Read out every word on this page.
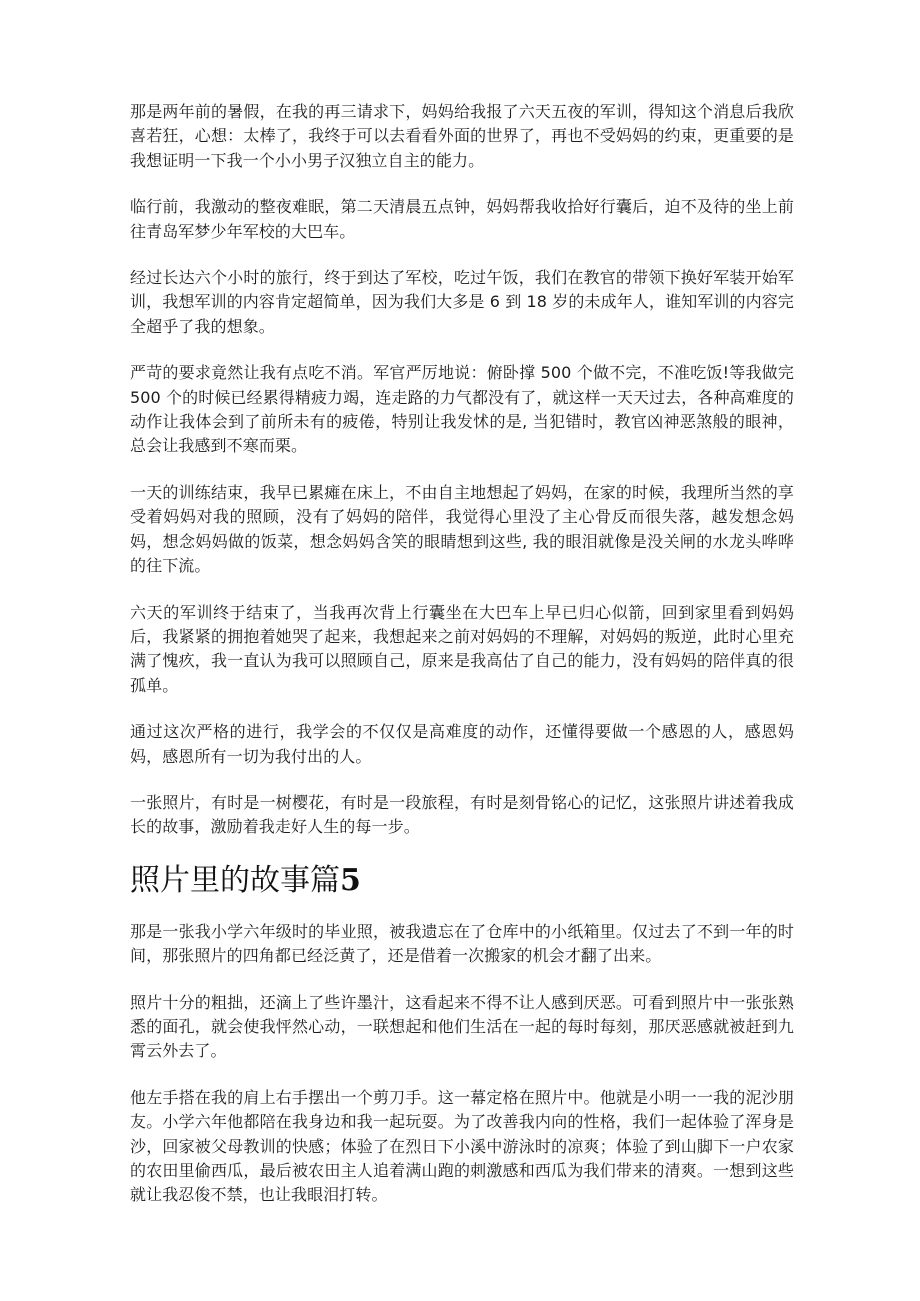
那是两年前的暑假，在我的再三请求下，妈妈给我报了六天五夜的军训，得知这个消息后我欣喜若狂，心想：太棒了，我终于可以去看看外面的世界了，再也不受妈妈的约束，更重要的是我想证明一下我一个小小男子汉独立自主的能力。

临行前，我激动的整夜难眠，第二天清晨五点钟，妈妈帮我收拾好行囊后，迫不及待的坐上前往青岛军梦少年军校的大巴车。

经过长达六个小时的旅行，终于到达了军校，吃过午饭，我们在教官的带领下换好军装开始军训，我想军训的内容肯定超简单，因为我们大多是 6 到 18 岁的未成年人，谁知军训的内容完全超乎了我的想象。

严苛的要求竟然让我有点吃不消。军官严厉地说：俯卧撑 500 个做不完，不准吃饭!等我做完 500 个的时候已经累得精疲力竭，连走路的力气都没有了，就这样一天天过去，各种高难度的动作让我体会到了前所未有的疲倦，特别让我发怵的是, 当犯错时，教官凶神恶煞般的眼神，总会让我感到不寒而栗。

一天的训练结束，我早已累瘫在床上，不由自主地想起了妈妈，在家的时候，我理所当然的享受着妈妈对我的照顾，没有了妈妈的陪伴，我觉得心里没了主心骨反而很失落，越发想念妈妈，想念妈妈做的饭菜，想念妈妈含笑的眼睛想到这些, 我的眼泪就像是没关闸的水龙头哗哗的往下流。

六天的军训终于结束了，当我再次背上行囊坐在大巴车上早已归心似箭，回到家里看到妈妈后，我紧紧的拥抱着她哭了起来，我想起来之前对妈妈的不理解，对妈妈的叛逆，此时心里充满了愧疚，我一直认为我可以照顾自己，原来是我高估了自己的能力，没有妈妈的陪伴真的很孤单。

通过这次严格的进行，我学会的不仅仅是高难度的动作，还懂得要做一个感恩的人，感恩妈妈，感恩所有一切为我付出的人。

一张照片，有时是一树樱花，有时是一段旅程，有时是刻骨铭心的记忆，这张照片讲述着我成长的故事，激励着我走好人生的每一步。

照片里的故事篇5

那是一张我小学六年级时的毕业照，被我遗忘在了仓库中的小纸箱里。仅过去了不到一年的时间，那张照片的四角都已经泛黄了，还是借着一次搬家的机会才翻了出来。

照片十分的粗拙，还滴上了些许墨汁，这看起来不得不让人感到厌恶。可看到照片中一张张熟悉的面孔，就会使我怦然心动，一联想起和他们生活在一起的每时每刻，那厌恶感就被赶到九霄云外去了。

他左手搭在我的肩上右手摆出一个剪刀手。这一幕定格在照片中。他就是小明一一我的泥沙朋友。小学六年他都陪在我身边和我一起玩耍。为了改善我内向的性格，我们一起体验了浑身是沙，回家被父母教训的快感；体验了在烈日下小溪中游泳时的凉爽；体验了到山脚下一户农家的农田里偷西瓜，最后被农田主人追着满山跑的刺激感和西瓜为我们带来的清爽。一想到这些就让我忍俊不禁，也让我眼泪打转。
